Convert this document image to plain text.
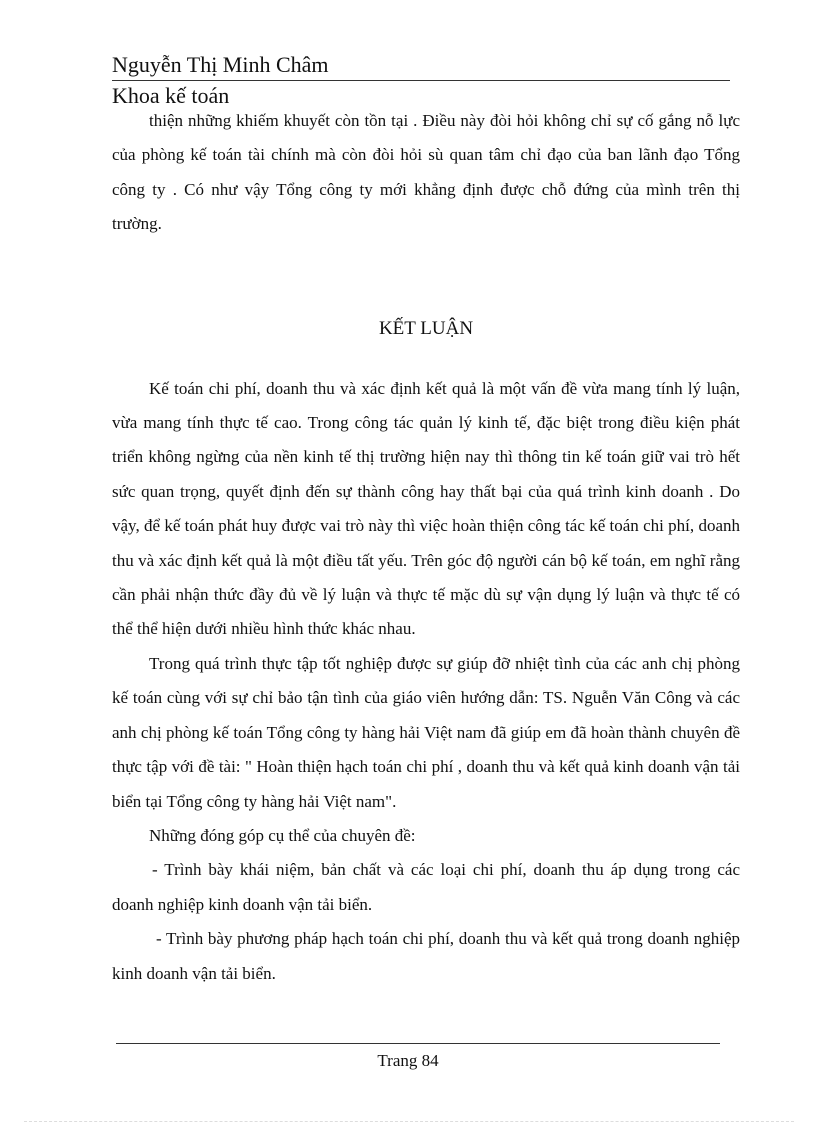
Nguyễn Thị Minh Châm
Khoa kế toán

thiện những khiếm khuyết còn tồn tại . Điều này đòi hỏi không chỉ sự cố gắng nỗ lực của phòng kế toán tài chính mà còn đòi hỏi sù quan tâm chỉ đạo của ban lãnh đạo Tổng công ty . Có như vậy Tổng công ty mới khẳng định được chỗ đứng của mình trên thị trường.

KẾT LUẬN

Kế toán chi phí, doanh thu và xác định kết quả là một vấn đề vừa mang tính lý luận, vừa mang tính thực tế cao. Trong công tác quản lý kinh tế, đặc biệt trong điều kiện phát triển không ngừng của nền kinh tế thị trường hiện nay thì thông tin kế toán giữ vai trò hết sức quan trọng, quyết định đến sự thành công hay thất bại của quá trình kinh doanh . Do vậy, để kế toán phát huy được vai trò này thì việc hoàn thiện công tác kế toán chi phí, doanh thu và xác định kết quả là một điều tất yếu. Trên góc độ người cán bộ kế toán, em nghĩ rằng cần phải nhận thức đầy đủ về lý luận và thực tế mặc dù sự vận dụng lý luận và thực tế có thể thể hiện dưới nhiều hình thức khác nhau.

Trong quá trình thực tập tốt nghiệp được sự giúp đỡ nhiệt tình của các anh chị phòng kế toán cùng với sự chỉ bảo tận tình của giáo viên hướng dẫn: TS. Nguễn Văn Công và các anh chị phòng kế toán Tổng công ty hàng hải Việt nam đã giúp em đã hoàn thành chuyên đề thực tập với đề tài: " Hoàn thiện hạch toán chi phí , doanh thu và kết quả kinh doanh vận tải biển tại Tổng công ty hàng hải Việt nam".

Những đóng góp cụ thể của chuyên đề:

- Trình bày khái niệm, bản chất và các loại chi phí, doanh thu áp dụng trong các doanh nghiệp kinh doanh vận tải biển.

- Trình bày phương pháp hạch toán chi phí, doanh thu và kết quả trong doanh nghiệp kinh doanh vận tải biển.

Trang 84
